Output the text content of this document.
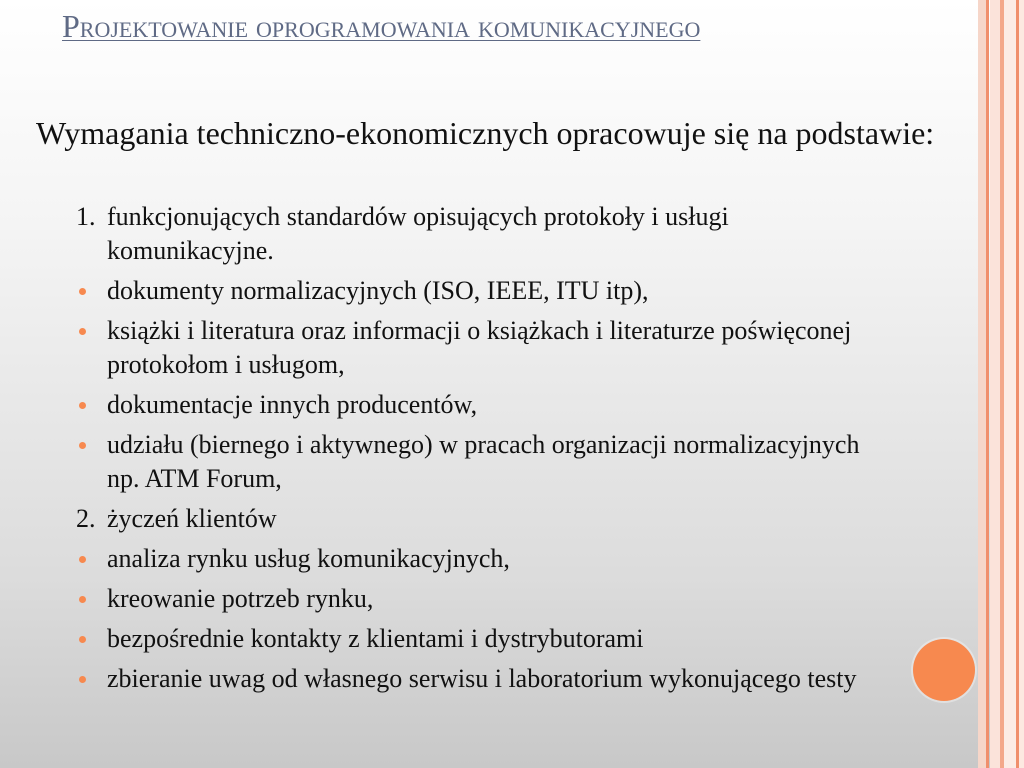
Projektowanie oprogramowania komunikacyjnego
Wymagania techniczno-ekonomicznych opracowuje się na podstawie:
1. funkcjonujących standardów opisujących protokoły i usługi komunikacyjne.
dokumenty normalizacyjnych (ISO, IEEE, ITU itp),
książki i literatura oraz informacji o książkach i literaturze poświęconej protokołom i usługom,
dokumentacje innych producentów,
udziału (biernego i aktywnego) w pracach organizacji normalizacyjnych np. ATM Forum,
2. życzeń klientów
analiza rynku usług komunikacyjnych,
kreowanie potrzeb rynku,
bezpośrednie kontakty z klientami i dystrybutorami
zbieranie uwag od własnego serwisu i laboratorium wykonującego testy
